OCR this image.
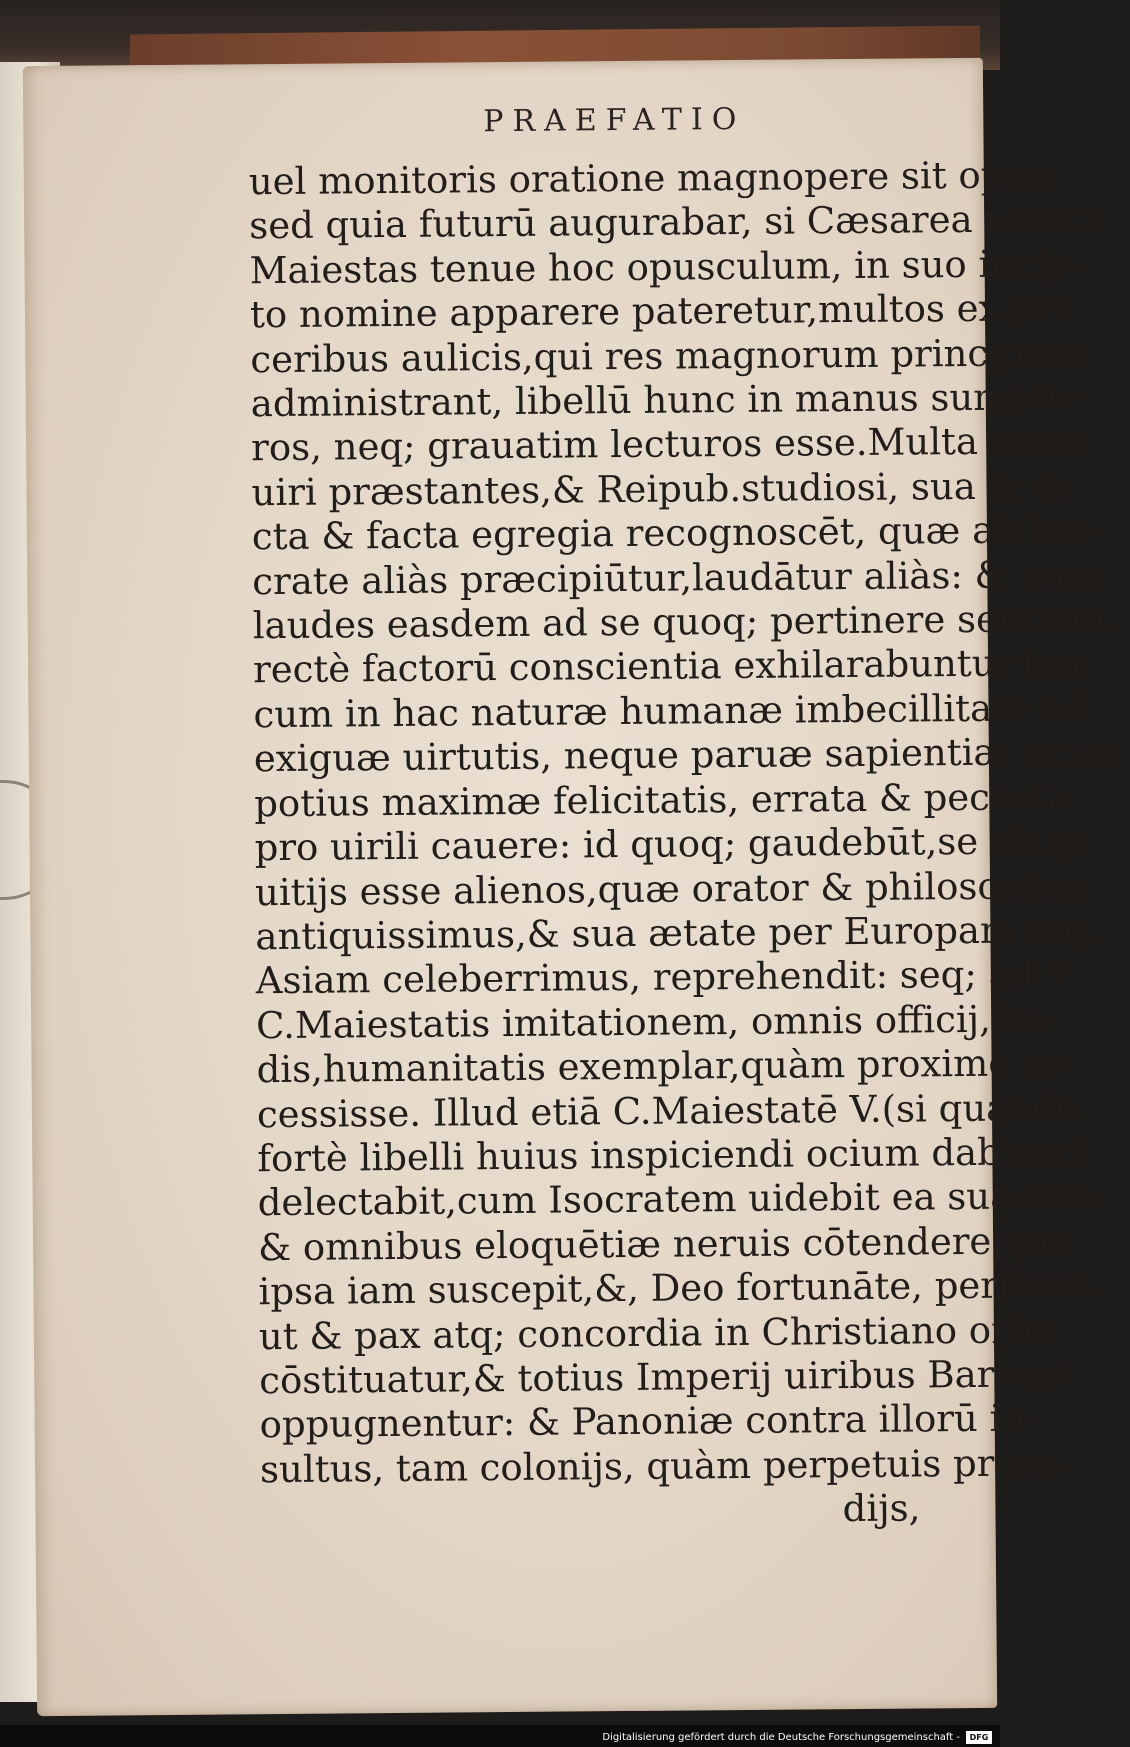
PRAEFATIO
uel monitoris oratione magnopere sit opus:
sed quia futurū augurabar, si Cæsarea uestra
Maiestas tenue hoc opusculum, in suo incly-
to nomine apparere pateretur,multos ex pro
ceribus aulicis,qui res magnorum principum
administrant, libellū hunc in manus sumptu-
ros, neq; grauatim lecturos esse.Multa enim
uiri præstantes,& Reipub.studiosi, sua & di-
cta & facta egregia recognoscēt, quæ ab Iso-
crate aliàs præcipiūtur,laudātur aliàs: & quia
laudes easdem ad se quoq; pertinere sentient,
rectè factorū conscientia exhilarabuntur.Iam
cum in hac naturæ humanæ imbecillitate nō
exiguæ uirtutis, neque paruæ sapientiæ sit,ac
potius maximæ felicitatis, errata & peccata
pro uirili cauere: id quoq; gaudebūt,se ab ijs
uitijs esse alienos,quæ orator & philosophus
antiquissimus,& sua ætate per Europam atq;
Asiam celeberrimus, reprehendit: seq; ad V.
C.Maiestatis imitationem, omnis officij,lau-
dis,humanitatis exemplar,quàm proximè ac-
cessisse. Illud etiā C.Maiestatē V.(si quando
fortè libelli huius inspiciendi ocium dabitur)
delectabit,cum Isocratem uidebit ea suadere,
& omnibus eloquētiæ neruis cōtendere,quę
ipsa iam suscepit,&, Deo fortunāte, perficiet:
ut & pax atq; concordia in Christiano orbe
cōstituatur,& totius Imperij uiribus Barbari
oppugnentur: & Panoniæ contra illorū in-
sultus, tam colonijs, quàm perpetuis præsi-
dijs,
Digitalisierung gefördert durch die Deutsche Forschungsgemeinschaft -	DFG
